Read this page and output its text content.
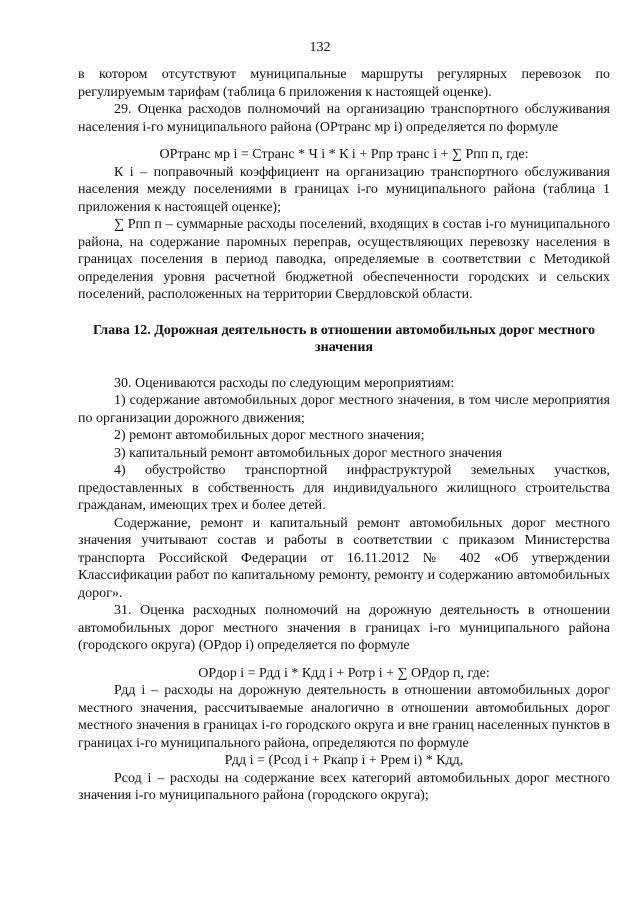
132

в котором отсутствуют муниципальные маршруты регулярных перевозок по регулируемым тарифам (таблица 6 приложения к настоящей оценке).

29. Оценка расходов полномочий на организацию транспортного обслуживания населения i-го муниципального района (ОРтранс мр i) определяется по формуле

ОРтранс мр i = Странс * Ч i * К i + Рпр транс i + ∑ Рпп п, где:

К i – поправочный коэффициент на организацию транспортного обслуживания населения между поселениями в границах i-го муниципального района (таблица 1 приложения к настоящей оценке);

∑ Рпп п – суммарные расходы поселений, входящих в состав i-го муниципального района, на содержание паромных переправ, осуществляющих перевозку населения в границах поселения в период паводка, определяемые в соответствии с Методикой определения уровня расчетной бюджетной обеспеченности городских и сельских поселений, расположенных на территории Свердловской области.

Глава 12. Дорожная деятельность в отношении автомобильных дорог местного значения

30. Оцениваются расходы по следующим мероприятиям:

1) содержание автомобильных дорог местного значения, в том числе мероприятия по организации дорожного движения;

2) ремонт автомобильных дорог местного значения;

3) капитальный ремонт автомобильных дорог местного значения

4) обустройство транспортной инфраструктурой земельных участков, предоставленных в собственность для индивидуального жилищного строительства гражданам, имеющих трех и более детей.

Содержание, ремонт и капитальный ремонт автомобильных дорог местного значения учитывают состав и работы в соответствии с приказом Министерства транспорта Российской Федерации от 16.11.2012 № 402 «Об утверждении Классификации работ по капитальному ремонту, ремонту и содержанию автомобильных дорог».

31. Оценка расходных полномочий на дорожную деятельность в отношении автомобильных дорог местного значения в границах i-го муниципального района (городского округа) (ОРдор i) определяется по формуле

ОРдор i = Рдд i * Кдд i + Ротр i + ∑ ОРдор п, где:

Рдд i – расходы на дорожную деятельность в отношении автомобильных дорог местного значения, рассчитываемые аналогично в отношении автомобильных дорог местного значения в границах i-го городского округа и вне границ населенных пунктов в границах i-го муниципального района, определяются по формуле

Рдд i = (Рсод i + Ркапр i + Ррем i) * Кдд,

Рсод i – расходы на содержание всех категорий автомобильных дорог местного значения i-го муниципального района (городского округа);
